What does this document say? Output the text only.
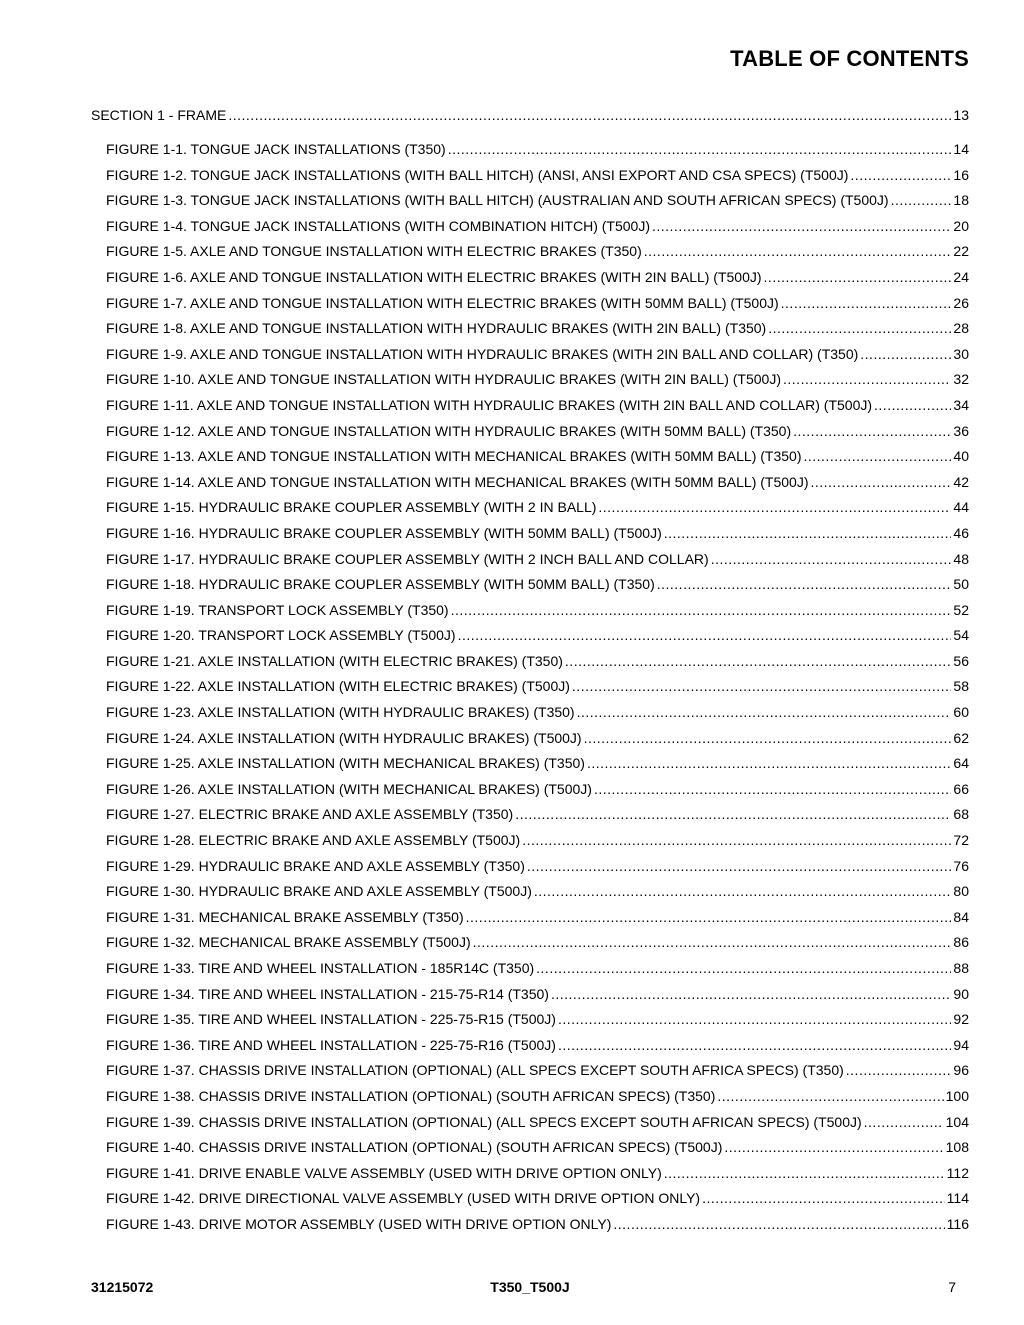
TABLE OF CONTENTS
SECTION 1 - FRAME .....	13
FIGURE 1-1. TONGUE JACK INSTALLATIONS (T350) .....	14
FIGURE 1-2. TONGUE JACK INSTALLATIONS (WITH BALL HITCH) (ANSI, ANSI EXPORT AND CSA SPECS) (T500J) .....	16
FIGURE 1-3. TONGUE JACK INSTALLATIONS (WITH BALL HITCH) (AUSTRALIAN AND SOUTH AFRICAN SPECS) (T500J) .....	18
FIGURE 1-4. TONGUE JACK INSTALLATIONS (WITH COMBINATION HITCH) (T500J) .....	20
FIGURE 1-5. AXLE AND TONGUE INSTALLATION WITH ELECTRIC BRAKES (T350) .....	22
FIGURE 1-6. AXLE AND TONGUE INSTALLATION WITH ELECTRIC BRAKES (WITH 2IN BALL) (T500J) .....	24
FIGURE 1-7. AXLE AND TONGUE INSTALLATION WITH ELECTRIC BRAKES (WITH 50MM BALL) (T500J) .....	26
FIGURE 1-8. AXLE AND TONGUE INSTALLATION WITH HYDRAULIC BRAKES (WITH 2IN BALL) (T350) .....	28
FIGURE 1-9. AXLE AND TONGUE INSTALLATION WITH HYDRAULIC BRAKES (WITH 2IN BALL AND COLLAR) (T350) .....	30
FIGURE 1-10. AXLE AND TONGUE INSTALLATION WITH HYDRAULIC BRAKES (WITH 2IN BALL) (T500J) .....	32
FIGURE 1-11. AXLE AND TONGUE INSTALLATION WITH HYDRAULIC BRAKES (WITH 2IN BALL AND COLLAR) (T500J) .....	34
FIGURE 1-12. AXLE AND TONGUE INSTALLATION WITH HYDRAULIC BRAKES (WITH 50MM BALL) (T350) .....	36
FIGURE 1-13. AXLE AND TONGUE INSTALLATION WITH MECHANICAL BRAKES (WITH 50MM BALL) (T350) .....	40
FIGURE 1-14. AXLE AND TONGUE INSTALLATION WITH MECHANICAL BRAKES (WITH 50MM BALL) (T500J) .....	42
FIGURE 1-15. HYDRAULIC BRAKE COUPLER ASSEMBLY (WITH 2 IN BALL) .....	44
FIGURE 1-16. HYDRAULIC BRAKE COUPLER ASSEMBLY (WITH 50MM BALL) (T500J) .....	46
FIGURE 1-17. HYDRAULIC BRAKE COUPLER ASSEMBLY (WITH 2 INCH BALL AND COLLAR) .....	48
FIGURE 1-18. HYDRAULIC BRAKE COUPLER ASSEMBLY (WITH 50MM BALL) (T350) .....	50
FIGURE 1-19. TRANSPORT LOCK ASSEMBLY (T350) .....	52
FIGURE 1-20. TRANSPORT LOCK ASSEMBLY (T500J) .....	54
FIGURE 1-21. AXLE INSTALLATION (WITH ELECTRIC BRAKES) (T350) .....	56
FIGURE 1-22. AXLE INSTALLATION (WITH ELECTRIC BRAKES) (T500J) .....	58
FIGURE 1-23. AXLE INSTALLATION (WITH HYDRAULIC BRAKES) (T350) .....	60
FIGURE 1-24. AXLE INSTALLATION (WITH HYDRAULIC BRAKES) (T500J) .....	62
FIGURE 1-25. AXLE INSTALLATION (WITH MECHANICAL BRAKES) (T350) .....	64
FIGURE 1-26. AXLE INSTALLATION (WITH MECHANICAL BRAKES) (T500J) .....	66
FIGURE 1-27. ELECTRIC BRAKE AND AXLE ASSEMBLY (T350) .....	68
FIGURE 1-28. ELECTRIC BRAKE AND AXLE ASSEMBLY (T500J) .....	72
FIGURE 1-29. HYDRAULIC BRAKE AND AXLE ASSEMBLY (T350) .....	76
FIGURE 1-30. HYDRAULIC BRAKE AND AXLE ASSEMBLY (T500J) .....	80
FIGURE 1-31. MECHANICAL BRAKE ASSEMBLY (T350) .....	84
FIGURE 1-32. MECHANICAL BRAKE ASSEMBLY (T500J) .....	86
FIGURE 1-33. TIRE AND WHEEL INSTALLATION - 185R14C (T350) .....	88
FIGURE 1-34. TIRE AND WHEEL INSTALLATION - 215-75-R14 (T350) .....	90
FIGURE 1-35. TIRE AND WHEEL INSTALLATION - 225-75-R15 (T500J) .....	92
FIGURE 1-36. TIRE AND WHEEL INSTALLATION - 225-75-R16 (T500J) .....	94
FIGURE 1-37. CHASSIS DRIVE INSTALLATION (OPTIONAL) (ALL SPECS EXCEPT SOUTH AFRICA SPECS) (T350) .....	96
FIGURE 1-38. CHASSIS DRIVE INSTALLATION (OPTIONAL) (SOUTH AFRICAN SPECS) (T350) .....	100
FIGURE 1-39. CHASSIS DRIVE INSTALLATION (OPTIONAL) (ALL SPECS EXCEPT SOUTH AFRICAN SPECS) (T500J) .....	104
FIGURE 1-40. CHASSIS DRIVE INSTALLATION (OPTIONAL) (SOUTH AFRICAN SPECS) (T500J) .....	108
FIGURE 1-41. DRIVE ENABLE VALVE ASSEMBLY (USED WITH DRIVE OPTION ONLY) .....	112
FIGURE 1-42. DRIVE DIRECTIONAL VALVE ASSEMBLY (USED WITH DRIVE OPTION ONLY) .....	114
FIGURE 1-43. DRIVE MOTOR ASSEMBLY (USED WITH DRIVE OPTION ONLY) .....	116
31215072	T350_T500J	7
